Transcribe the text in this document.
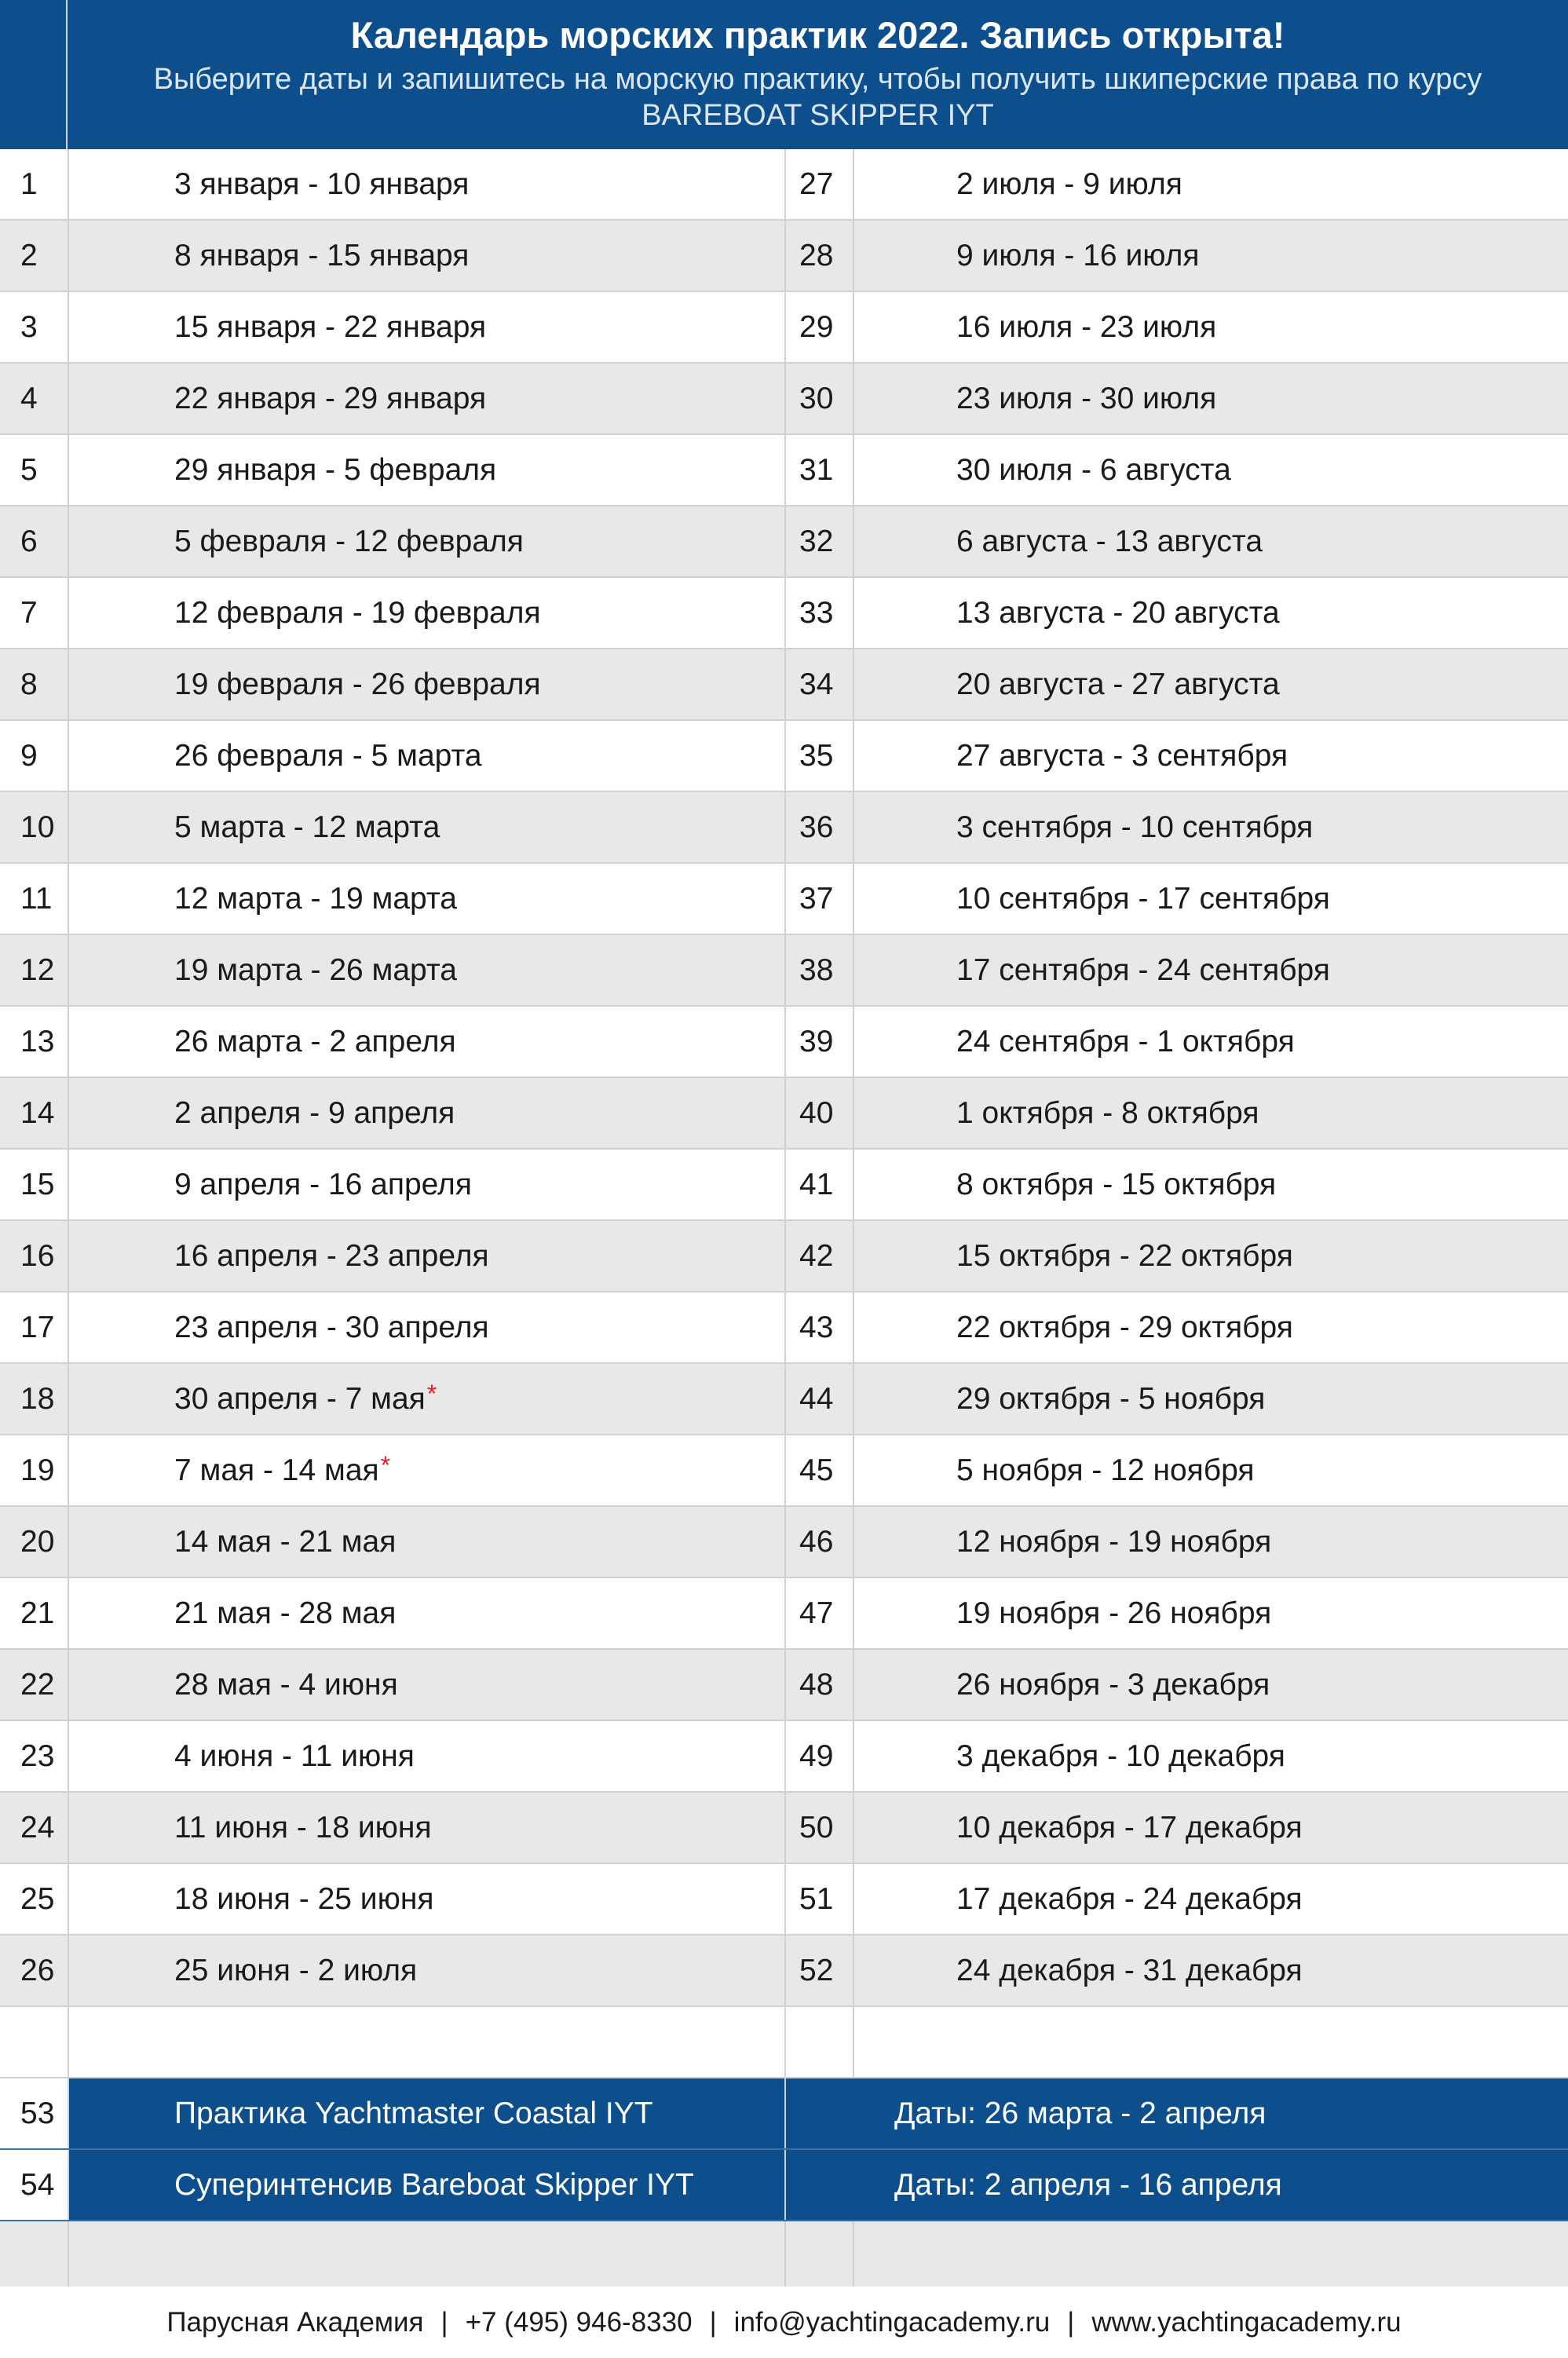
Календарь морских практик 2022. Запись открыта!
Выберите даты и запишитесь на морскую практику, чтобы получить шкиперские права по курсу
BAREBOAT SKIPPER IYT
1	3 января - 10 января	27	2 июля - 9 июля
2	8 января - 15 января	28	9 июля - 16 июля
3	15 января - 22 января	29	16 июля - 23 июля
4	22 января - 29 января	30	23 июля - 30 июля
5	29 января - 5 февраля	31	30 июля - 6 августа
6	5 февраля - 12 февраля	32	6 августа - 13 августа
7	12 февраля - 19 февраля	33	13 августа - 20 августа
8	19 февраля - 26 февраля	34	20 августа - 27 августа
9	26 февраля - 5 марта	35	27 августа - 3 сентября
10	5 марта - 12 марта	36	3 сентября - 10 сентября
11	12 марта - 19 марта	37	10 сентября - 17 сентября
12	19 марта - 26 марта	38	17 сентября - 24 сентября
13	26 марта - 2 апреля	39	24 сентября - 1 октября
14	2 апреля - 9 апреля	40	1 октября - 8 октября
15	9 апреля - 16 апреля	41	8 октября - 15 октября
16	16 апреля - 23 апреля	42	15 октября - 22 октября
17	23 апреля - 30 апреля	43	22 октября - 29 октября
18	30 апреля - 7 мая*	44	29 октября - 5 ноября
19	7 мая - 14 мая*	45	5 ноября - 12 ноября
20	14 мая - 21 мая	46	12 ноября - 19 ноября
21	21 мая - 28 мая	47	19 ноября - 26 ноября
22	28 мая - 4 июня	48	26 ноября - 3 декабря
23	4 июня - 11 июня	49	3 декабря - 10 декабря
24	11 июня - 18 июня	50	10 декабря - 17 декабря
25	18 июня - 25 июня	51	17 декабря - 24 декабря
26	25 июня - 2 июля	52	24 декабря - 31 декабря
53	Практика Yachtmaster Coastal IYT	Даты: 26 марта - 2 апреля
54	Суперинтенсив Bareboat Skipper IYT	Даты: 2 апреля - 16 апреля
Парусная Академия | +7 (495) 946-8330 | info@yachtingacademy.ru | www.yachtingacademy.ru
